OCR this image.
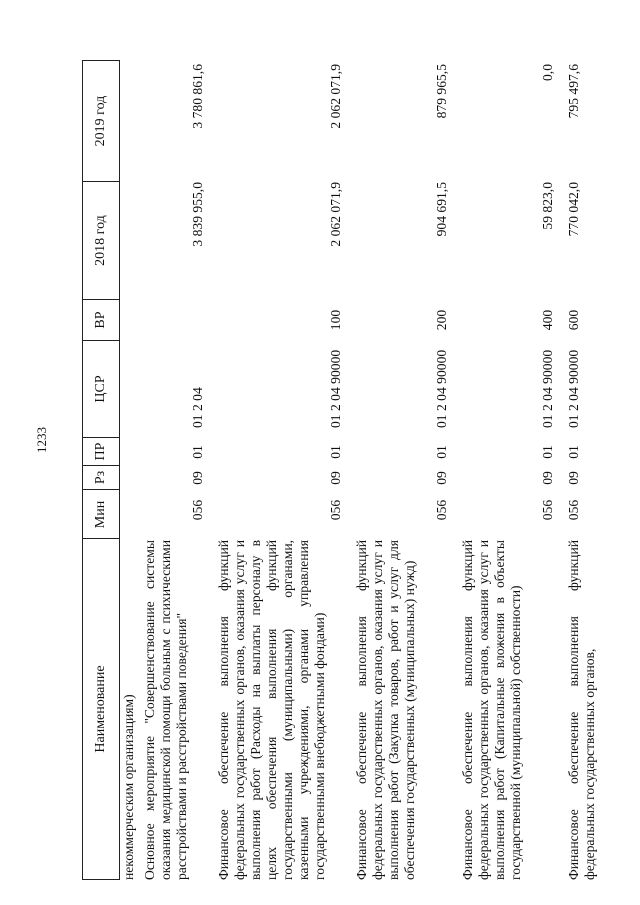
1233
Наименование
Мин
Рз
ПР
ЦСР
ВР
2018 год
2019 год
некоммерческим организациям) Основное мероприятие "Совершенствование системы оказания медицинской помощи больным с психическими расстройствами и расстройствами поведения"
056
09
01
01 2 04
3 839 955,0
3 780 861,6
Финансовое обеспечение выполнения функций федеральных государственных органов, оказания услуг и выполнения работ (Расходы на выплаты персоналу в целях обеспечения выполнения функций государственными (муниципальными) органами, казенными учреждениями, органами управления государственными внебюджетными фондами)
056
09
01
01 2 04 90000
100
2 062 071,9
2 062 071,9
Финансовое обеспечение выполнения функций федеральных государственных органов, оказания услуг и выполнения работ (Закупка товаров, работ и услуг для обеспечения государственных (муниципальных) нужд)
056
09
01
01 2 04 90000
200
904 691,5
879 965,5
Финансовое обеспечение выполнения функций федеральных государственных органов, оказания услуг и выполнения работ (Капитальные вложения в объекты государственной (муниципальной) собственности)
056
09
01
01 2 04 90000
400
59 823,0
0,0
Финансовое обеспечение выполнения функций федеральных государственных органов,
056
09
01
01 2 04 90000
600
770 042,0
795 497,6
